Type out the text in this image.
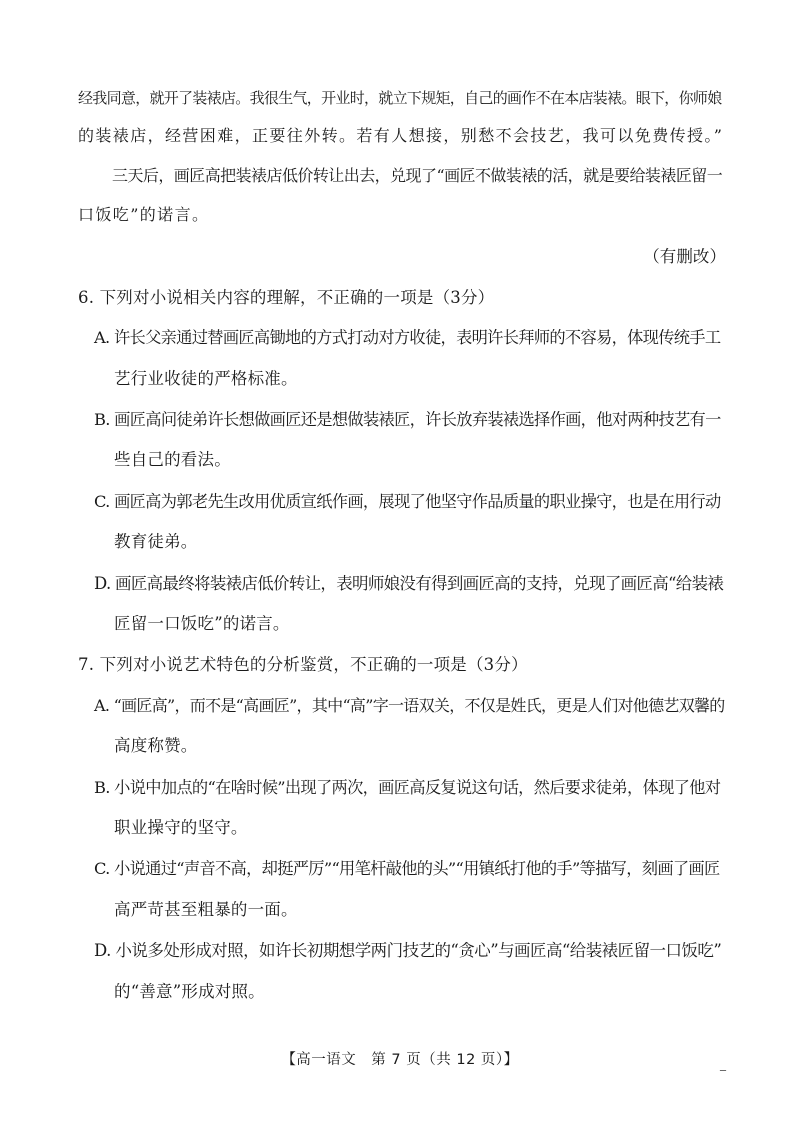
经我同意，就开了装裱店。我很生气，开业时，就立下规矩，自己的画作不在本店装裱。眼下，你师娘
的装裱店，经营困难，正要往外转。若有人想接，别愁不会技艺，我可以免费传授。”
三天后，画匠高把装裱店低价转让出去，兑现了“画匠不做装裱的活，就是要给装裱匠留一
口饭吃”的诺言。
（有删改）
6. 下列对小说相关内容的理解，不正确的一项是（3分）
A. 许长父亲通过替画匠高锄地的方式打动对方收徒，表明许长拜师的不容易，体现传统手工
艺行业收徒的严格标准。
B. 画匠高问徒弟许长想做画匠还是想做装裱匠，许长放弃装裱选择作画，他对两种技艺有一
些自己的看法。
C. 画匠高为郭老先生改用优质宣纸作画，展现了他坚守作品质量的职业操守，也是在用行动
教育徒弟。
D. 画匠高最终将装裱店低价转让，表明师娘没有得到画匠高的支持，兑现了画匠高“给装裱
匠留一口饭吃”的诺言。
7. 下列对小说艺术特色的分析鉴赏，不正确的一项是（3分）
A. “画匠高”，而不是“高画匠”，其中“高”字一语双关，不仅是姓氏，更是人们对他德艺双馨的
高度称赞。
B. 小说中加点的“在啥时候”出现了两次，画匠高反复说这句话，然后要求徒弟，体现了他对
职业操守的坚守。
C. 小说通过“声音不高，却挺严厉”“用笔杆敲他的头”“用镇纸打他的手”等描写，刻画了画匠
高严苛甚至粗暴的一面。
D. 小说多处形成对照，如许长初期想学两门技艺的“贪心”与画匠高“给装裱匠留一口饭吃”
的“善意”形成对照。
【高一语文　第 7 页（共 12 页）】	_
